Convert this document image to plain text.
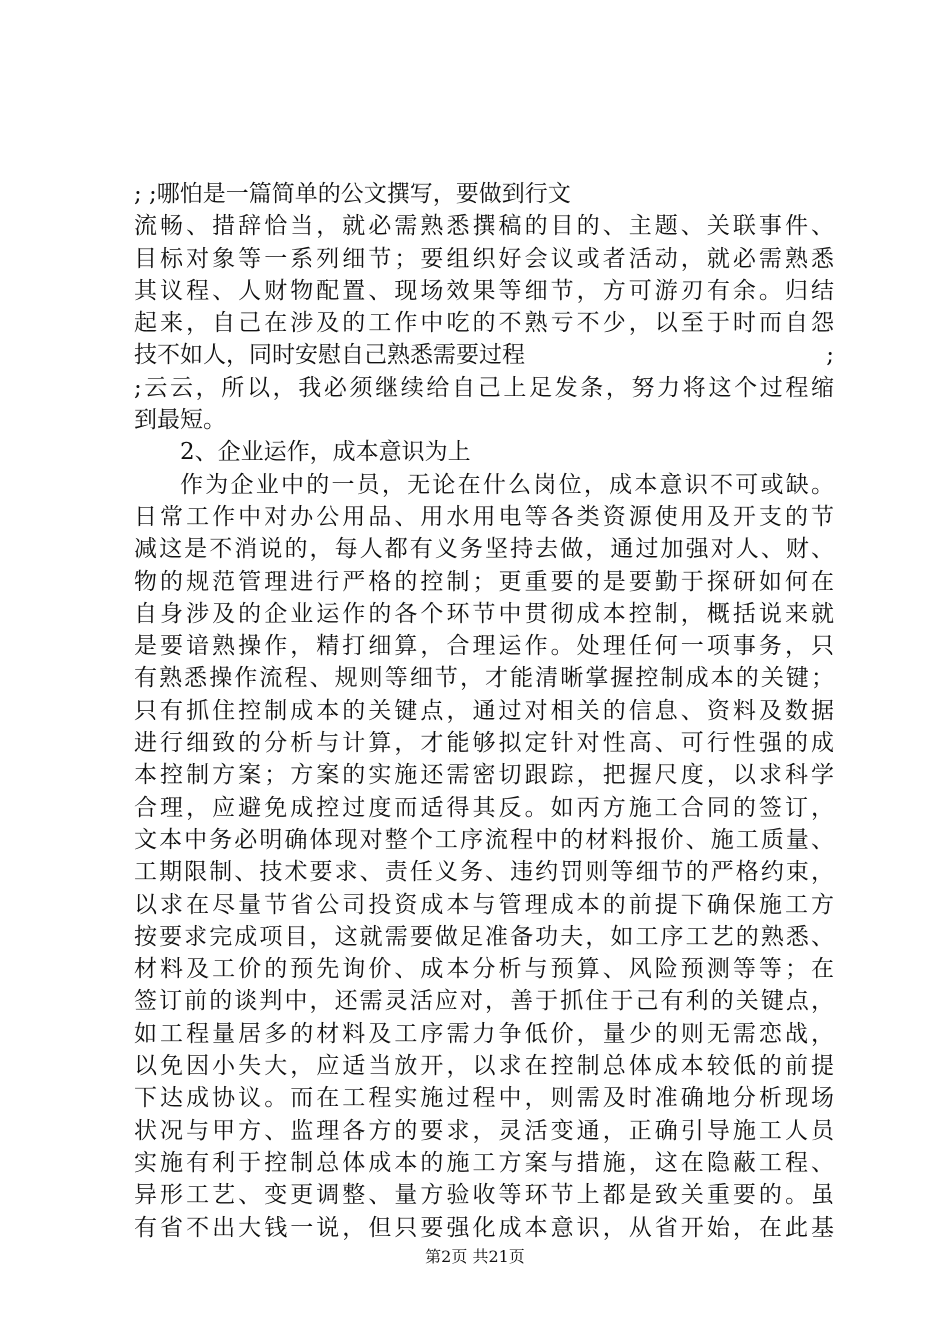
; ;哪怕是一篇简单的公文撰写，要做到行文
流畅、措辞恰当，就必需熟悉撰稿的目的、主题、关联事件、
目标对象等一系列细节；要组织好会议或者活动，就必需熟悉
其议程、人财物配置、现场效果等细节，方可游刃有余。归结
起来，自己在涉及的工作中吃的不熟亏不少，以至于时而自怨
技不如人，同时安慰自己熟悉需要过程	;
;云云，所以，我必须继续给自己上足发条，努力将这个过程缩
到最短。
2、企业运作，成本意识为上
作为企业中的一员，无论在什么岗位，成本意识不可或缺。
日常工作中对办公用品、用水用电等各类资源使用及开支的节
减这是不消说的，每人都有义务坚持去做，通过加强对人、财、
物的规范管理进行严格的控制；更重要的是要勤于探研如何在
自身涉及的企业运作的各个环节中贯彻成本控制，概括说来就
是要谙熟操作，精打细算，合理运作。处理任何一项事务，只
有熟悉操作流程、规则等细节，才能清晰掌握控制成本的关键；
只有抓住控制成本的关键点，通过对相关的信息、资料及数据
进行细致的分析与计算，才能够拟定针对性高、可行性强的成
本控制方案；方案的实施还需密切跟踪，把握尺度，以求科学
合理，应避免成控过度而适得其反。如丙方施工合同的签订，
文本中务必明确体现对整个工序流程中的材料报价、施工质量、
工期限制、技术要求、责任义务、违约罚则等细节的严格约束，
以求在尽量节省公司投资成本与管理成本的前提下确保施工方
按要求完成项目，这就需要做足准备功夫，如工序工艺的熟悉、
材料及工价的预先询价、成本分析与预算、风险预测等等；在
签订前的谈判中，还需灵活应对，善于抓住于己有利的关键点，
如工程量居多的材料及工序需力争低价，量少的则无需恋战，
以免因小失大，应适当放开，以求在控制总体成本较低的前提
下达成协议。而在工程实施过程中，则需及时准确地分析现场
状况与甲方、监理各方的要求，灵活变通，正确引导施工人员
实施有利于控制总体成本的施工方案与措施，这在隐蔽工程、
异形工艺、变更调整、量方验收等环节上都是致关重要的。虽
有省不出大钱一说，但只要强化成本意识，从省开始，在此基
第2页 共21页
